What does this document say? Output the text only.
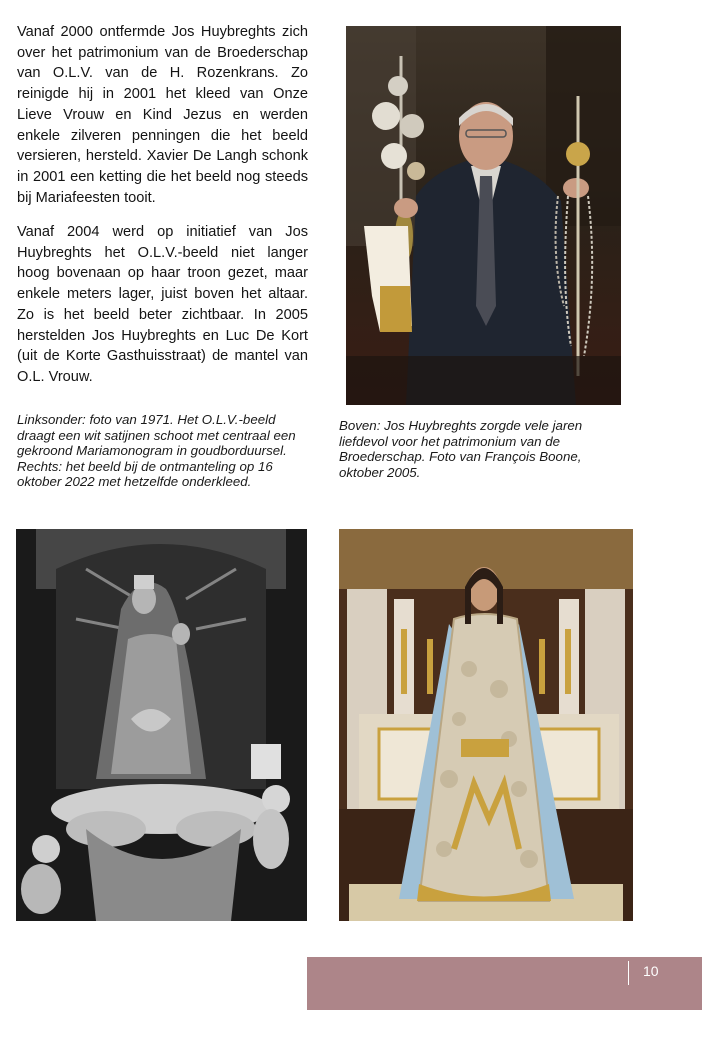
Vanaf 2000 ontfermde Jos Huybreghts zich over het patrimonium van de Broederschap van O.L.V. van de H. Rozenkrans. Zo reinigde hij in 2001 het kleed van Onze Lieve Vrouw en Kind Jezus en werden enkele zilveren penningen die het beeld versieren, hersteld. Xavier De Langh schonk in 2001 een ketting die het beeld nog steeds bij Mariafeesten tooit.

Vanaf 2004 werd op initiatief van Jos Huybreghts het O.L.V.-beeld niet langer hoog bovenaan op haar troon gezet, maar enkele meters lager, juist boven het altaar. Zo is het beeld beter zichtbaar. In 2005 herstelden Jos Huybreghts en Luc De Kort (uit de Korte Gasthuisstraat) de mantel van O.L. Vrouw.

Linksonder: foto van 1971. Het O.L.V.-beeld draagt een wit satijnen schoot met centraal een gekroond Mariamonogram in goudborduursel. Rechts: het beeld bij de ontmanteling op 16 oktober 2022 met hetzelfde onderkleed.

Boven: Jos Huybreghts zorgde vele jaren liefdevol voor het patrimonium van de Broederschap. Foto van François Boone, oktober 2005.

10
